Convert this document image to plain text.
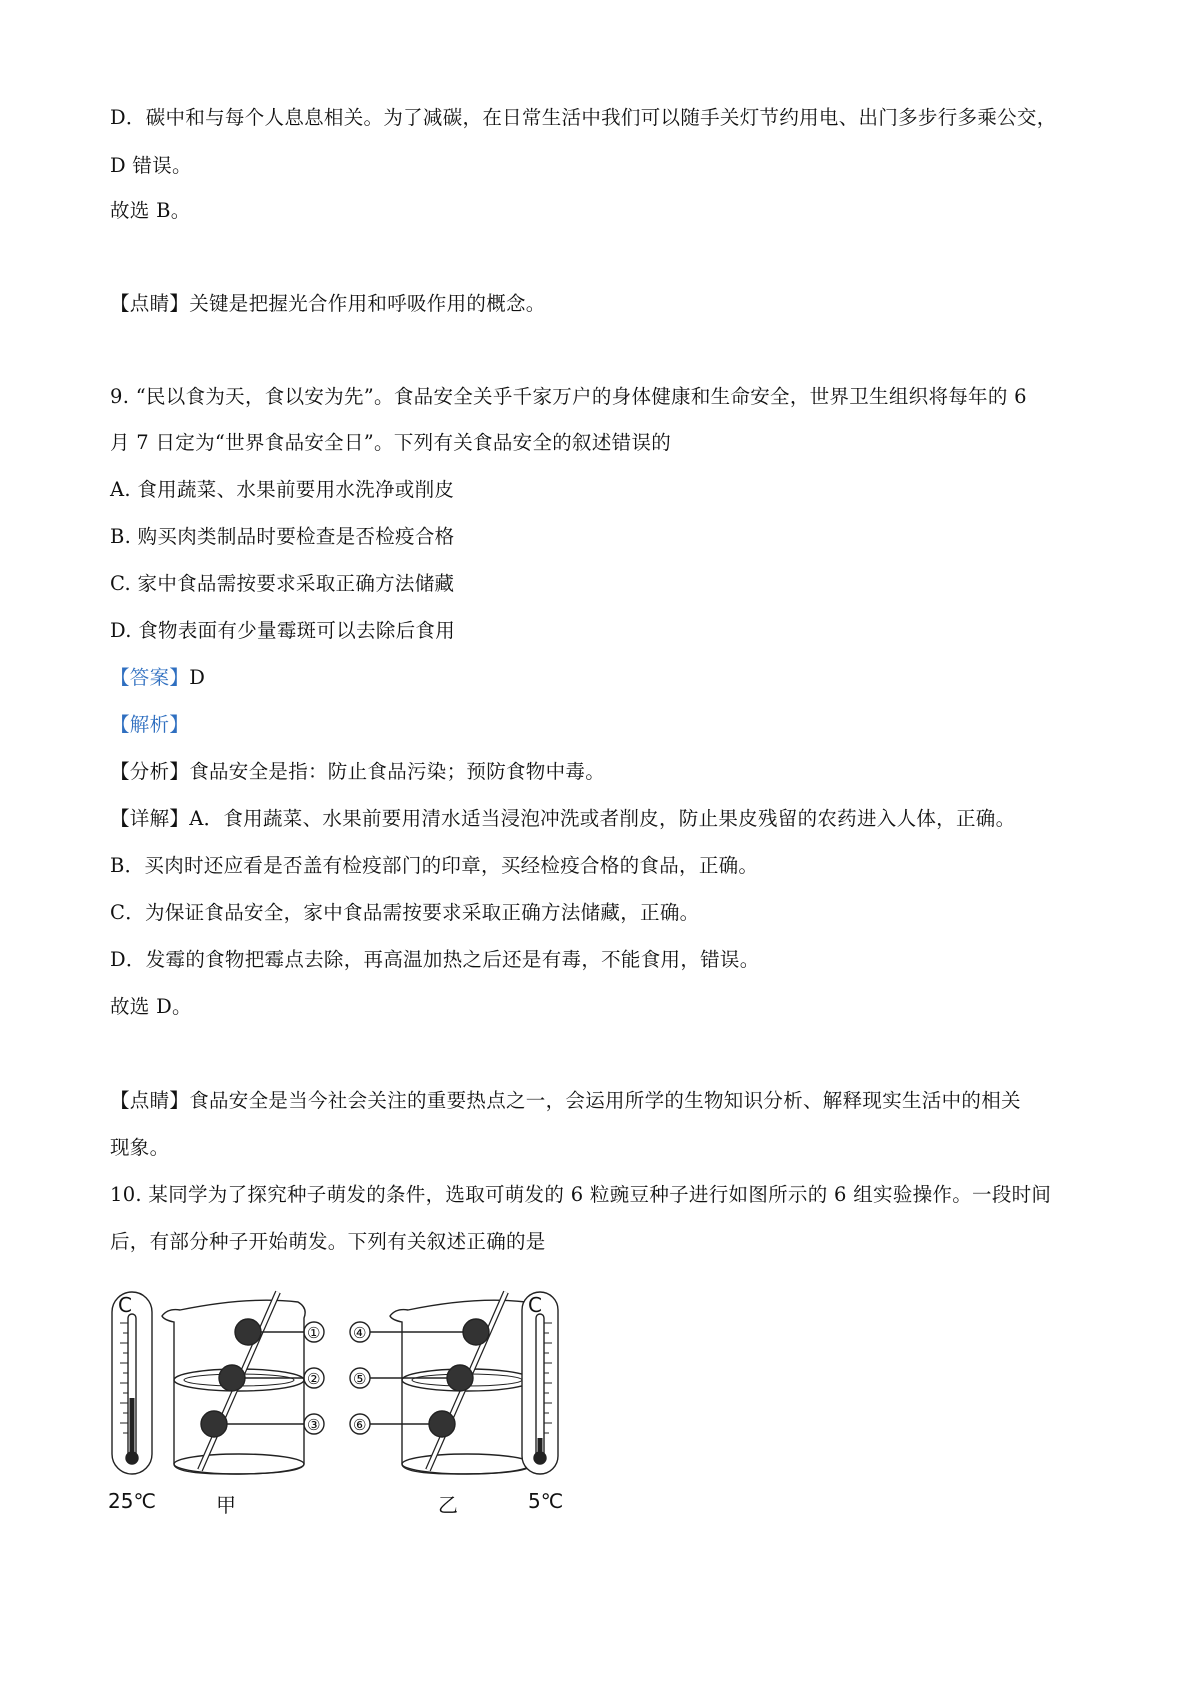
D．碳中和与每个人息息相关。为了减碳，在日常生活中我们可以随手关灯节约用电、出门多步行多乘公交，
D 错误。
故选 B。
【点睛】关键是把握光合作用和呼吸作用的概念。
9. “民以食为天，食以安为先”。食品安全关乎千家万户的身体健康和生命安全，世界卫生组织将每年的 6
月 7 日定为“世界食品安全日”。下列有关食品安全的叙述错误的
A. 食用蔬菜、水果前要用水洗净或削皮
B. 购买肉类制品时要检查是否检疫合格
C. 家中食品需按要求采取正确方法储藏
D. 食物表面有少量霉斑可以去除后食用
【答案】D
【解析】
【分析】食品安全是指：防止食品污染；预防食物中毒。
【详解】A．食用蔬菜、水果前要用清水适当浸泡冲洗或者削皮，防止果皮残留的农药进入人体，正确。
B．买肉时还应看是否盖有检疫部门的印章，买经检疫合格的食品，正确。
C．为保证食品安全，家中食品需按要求采取正确方法储藏，正确。
D．发霉的食物把霉点去除，再高温加热之后还是有毒，不能食用，错误。
故选 D。
【点睛】食品安全是当今社会关注的重要热点之一，会运用所学的生物知识分析、解释现实生活中的相关
现象。
10. 某同学为了探究种子萌发的条件，选取可萌发的 6 粒豌豆种子进行如图所示的 6 组实验操作。一段时间
后，有部分种子开始萌发。下列有关叙述正确的是
C
25℃
①
②
③
甲
④
⑤
⑥
乙
C
5℃
